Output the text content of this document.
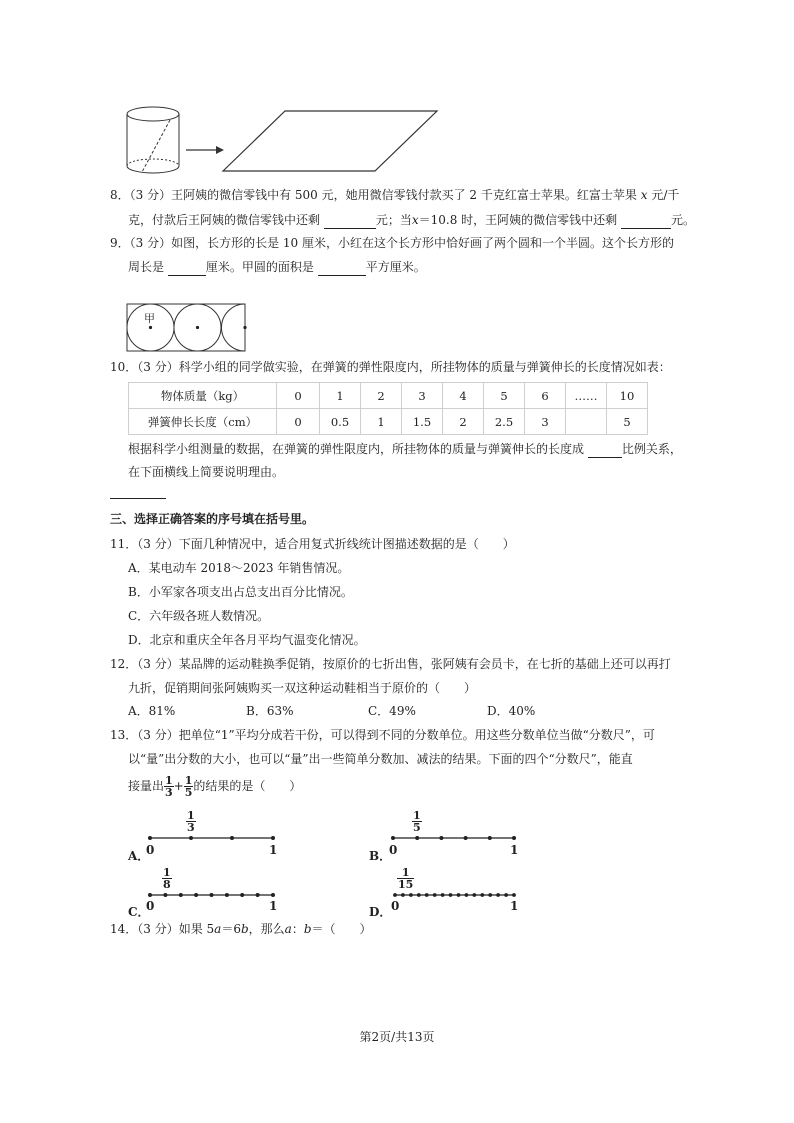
8．（3 分）王阿姨的微信零钱中有 500 元，她用微信零钱付款买了 2 千克红富士苹果。红富士苹果 x 元/千
克，付款后王阿姨的微信零钱中还剩	元；当x＝10.8 时，王阿姨的微信零钱中还剩	元。
9．（3 分）如图，长方形的长是 10 厘米，小红在这个长方形中恰好画了两个圆和一个半圆。这个长方形的
周长是	厘米。甲圆的面积是	平方厘米。
甲
10．（3 分）科学小组的同学做实验，在弹簧的弹性限度内，所挂物体的质量与弹簧伸长的长度情况如表：
物体质量（kg）	0	1	2	3	4	5	6	……	10
弹簧伸长长度（cm）	0	0.5	1	1.5	2	2.5	3		5
根据科学小组测量的数据，在弹簧的弹性限度内，所挂物体的质量与弹簧伸长的长度成	比例关系，
在下面横线上简要说明理由。
三、选择正确答案的序号填在括号里。
11．（3 分）下面几种情况中，适合用复式折线统计图描述数据的是（　　）
A．某电动车 2018～2023 年销售情况。
B．小军家各项支出占总支出百分比情况。
C．六年级各班人数情况。
D．北京和重庆全年各月平均气温变化情况。
12．（3 分）某品牌的运动鞋换季促销，按原价的七折出售，张阿姨有会员卡，在七折的基础上还可以再打
九折，促销期间张阿姨购买一双这种运动鞋相当于原价的（　　）
A．81%	B．63%	C．49%	D．40%
13．（3 分）把单位“1”平均分成若干份，可以得到不同的分数单位。用这些分数单位当做“分数尺”，可
以“量”出分数的大小，也可以“量”出一些简单分数加、减法的结果。下面的四个“分数尺”，能直
接量出 $\frac{1}{3} + \frac{1}{5}$ 的结果的是（　　）
$\frac{1}{3}$
A．
0	1
$\frac{1}{5}$
B．
0	1
$\frac{1}{8}$
C．
0	1
$\frac{1}{15}$
D． 0	1
14．（3 分）如果 5a＝6b，那么a：b＝（　　）
第2页/共13页
